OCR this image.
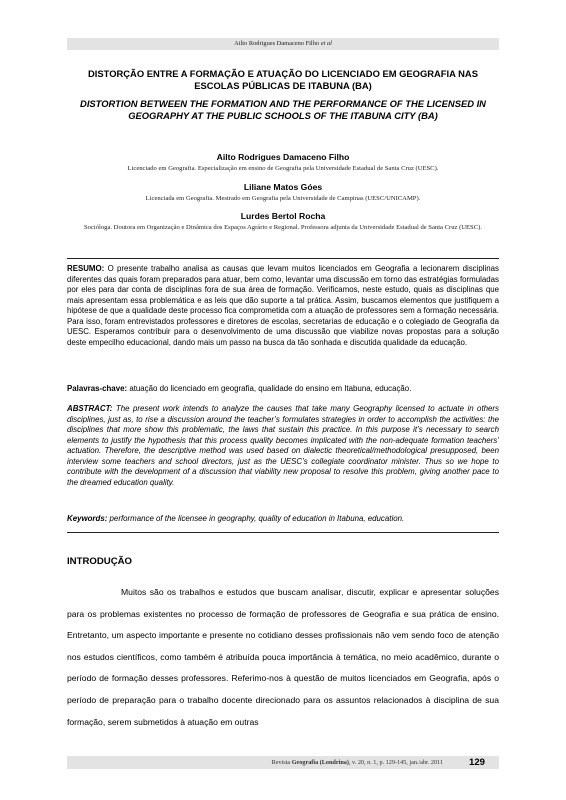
Ailto Rodrigues Damaceno Filho et al
DISTORÇÃO ENTRE A FORMAÇÃO E ATUAÇÃO DO LICENCIADO EM GEOGRAFIA NAS ESCOLAS PÚBLICAS DE ITABUNA (BA)
DISTORTION BETWEEN THE FORMATION AND THE PERFORMANCE OF THE LICENSED IN GEOGRAPHY AT THE PUBLIC SCHOOLS OF THE ITABUNA CITY (BA)
Ailto Rodrigues Damaceno Filho
Licenciado em Geografia. Especialização em ensino de Geografia pela Universidade Estadual de Santa Cruz (UESC).
Liliane Matos Góes
Licenciada em Geografia. Mestrado em Geografia pela Universidade de Campinas (UESC/UNICAMP).
Lurdes Bertol Rocha
Socióloga. Doutora em Organização e Dinâmica dos Espaços Agrário e Regional. Professora adjunta da Universidade Estadual de Santa Cruz (UESC).

RESUMO: O presente trabalho analisa as causas que levam muitos licenciados em Geografia a lecionarem disciplinas diferentes das quais foram preparados para atuar, bem como, levantar uma discussão em torno das estratégias formuladas por eles para dar conta de disciplinas fora de sua área de formação. Verificamos, neste estudo, quais as disciplinas que mais apresentam essa problemática e as leis que dão suporte a tal prática. Assim, buscamos elementos que justifiquem a hipótese de que a qualidade deste processo fica comprometida com a atuação de professores sem a formação necessária. Para isso, foram entrevistados professores e diretores de escolas, secretarias de educação e o colegiado de Geografia da UESC. Esperamos contribuir para o desenvolvimento de uma discussão que viabilize novas propostas para a solução deste empecilho educacional, dando mais um passo na busca da tão sonhada e discutida qualidade da educação.

Palavras-chave: atuação do licenciado em geografia, qualidade do ensino em Itabuna, educação.

ABSTRACT: The present work intends to analyze the causes that take many Geography licensed to actuate in others disciplines, just as, to rise a discussion around the teacher’s formulates strategies in order to accomplish the activities: the disciplines that more show this problematic, the laws that sustain this practice. In this purpose it’s necessary to search elements to justify the hypothesis that this process quality becomes implicated with the non-adequate formation teachers’ actuation. Therefore, the descriptive method was used based on dialectic theoretical/methodological presupposed, been interview some teachers and school directors, just as the UESC’s collegiate coordinator minister. Thus so we hope to contribute with the development of a discussion that viability new proposal to resolve this problem, giving another pace to the dreamed education quality.

Keywords: performance of the licensee in geography, quality of education in Itabuna, education.

INTRODUÇÃO

Muitos são os trabalhos e estudos que buscam analisar, discutir, explicar e apresentar soluções para os problemas existentes no processo de formação de professores de Geografia e sua prática de ensino. Entretanto, um aspecto importante e presente no cotidiano desses profissionais não vem sendo foco de atenção nos estudos científicos, como também é atribuída pouca importância à temática, no meio acadêmico, durante o período de formação desses professores. Referimo-nos à questão de muitos licenciados em Geografia, após o período de preparação para o trabalho docente direcionado para os assuntos relacionados à disciplina de sua formação, serem submetidos à atuação em outras

Revista Geografia (Londrina), v. 20, n. 1, p. 129-145, jan./abr. 2011	129
